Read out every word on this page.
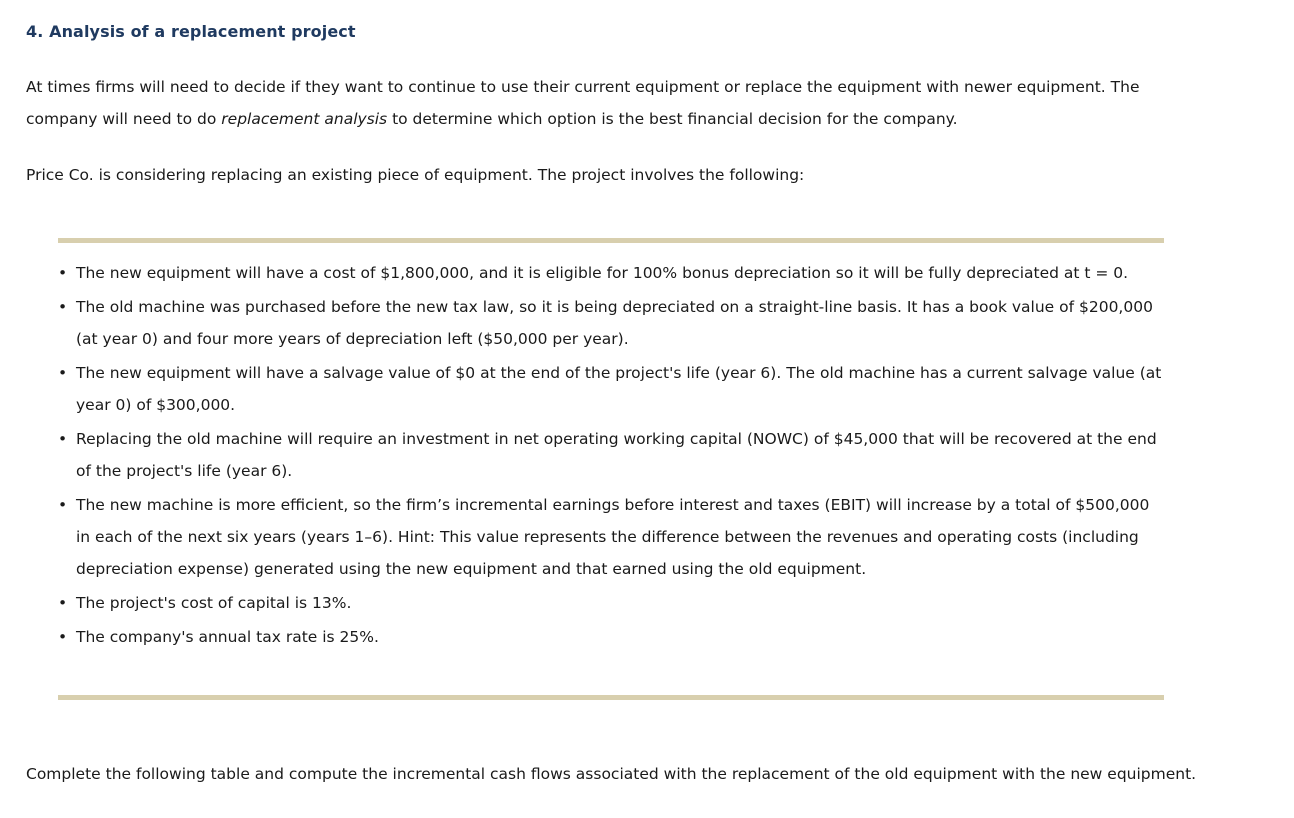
4. Analysis of a replacement project

At times firms will need to decide if they want to continue to use their current equipment or replace the equipment with newer equipment. The company will need to do replacement analysis to determine which option is the best financial decision for the company.

Price Co. is considering replacing an existing piece of equipment. The project involves the following:

• The new equipment will have a cost of $1,800,000, and it is eligible for 100% bonus depreciation so it will be fully depreciated at t = 0.
• The old machine was purchased before the new tax law, so it is being depreciated on a straight-line basis. It has a book value of $200,000 (at year 0) and four more years of depreciation left ($50,000 per year).
• The new equipment will have a salvage value of $0 at the end of the project's life (year 6). The old machine has a current salvage value (at year 0) of $300,000.
• Replacing the old machine will require an investment in net operating working capital (NOWC) of $45,000 that will be recovered at the end of the project's life (year 6).
• The new machine is more efficient, so the firm’s incremental earnings before interest and taxes (EBIT) will increase by a total of $500,000 in each of the next six years (years 1–6). Hint: This value represents the difference between the revenues and operating costs (including depreciation expense) generated using the new equipment and that earned using the old equipment.
• The project's cost of capital is 13%.
• The company's annual tax rate is 25%.

Complete the following table and compute the incremental cash flows associated with the replacement of the old equipment with the new equipment.
